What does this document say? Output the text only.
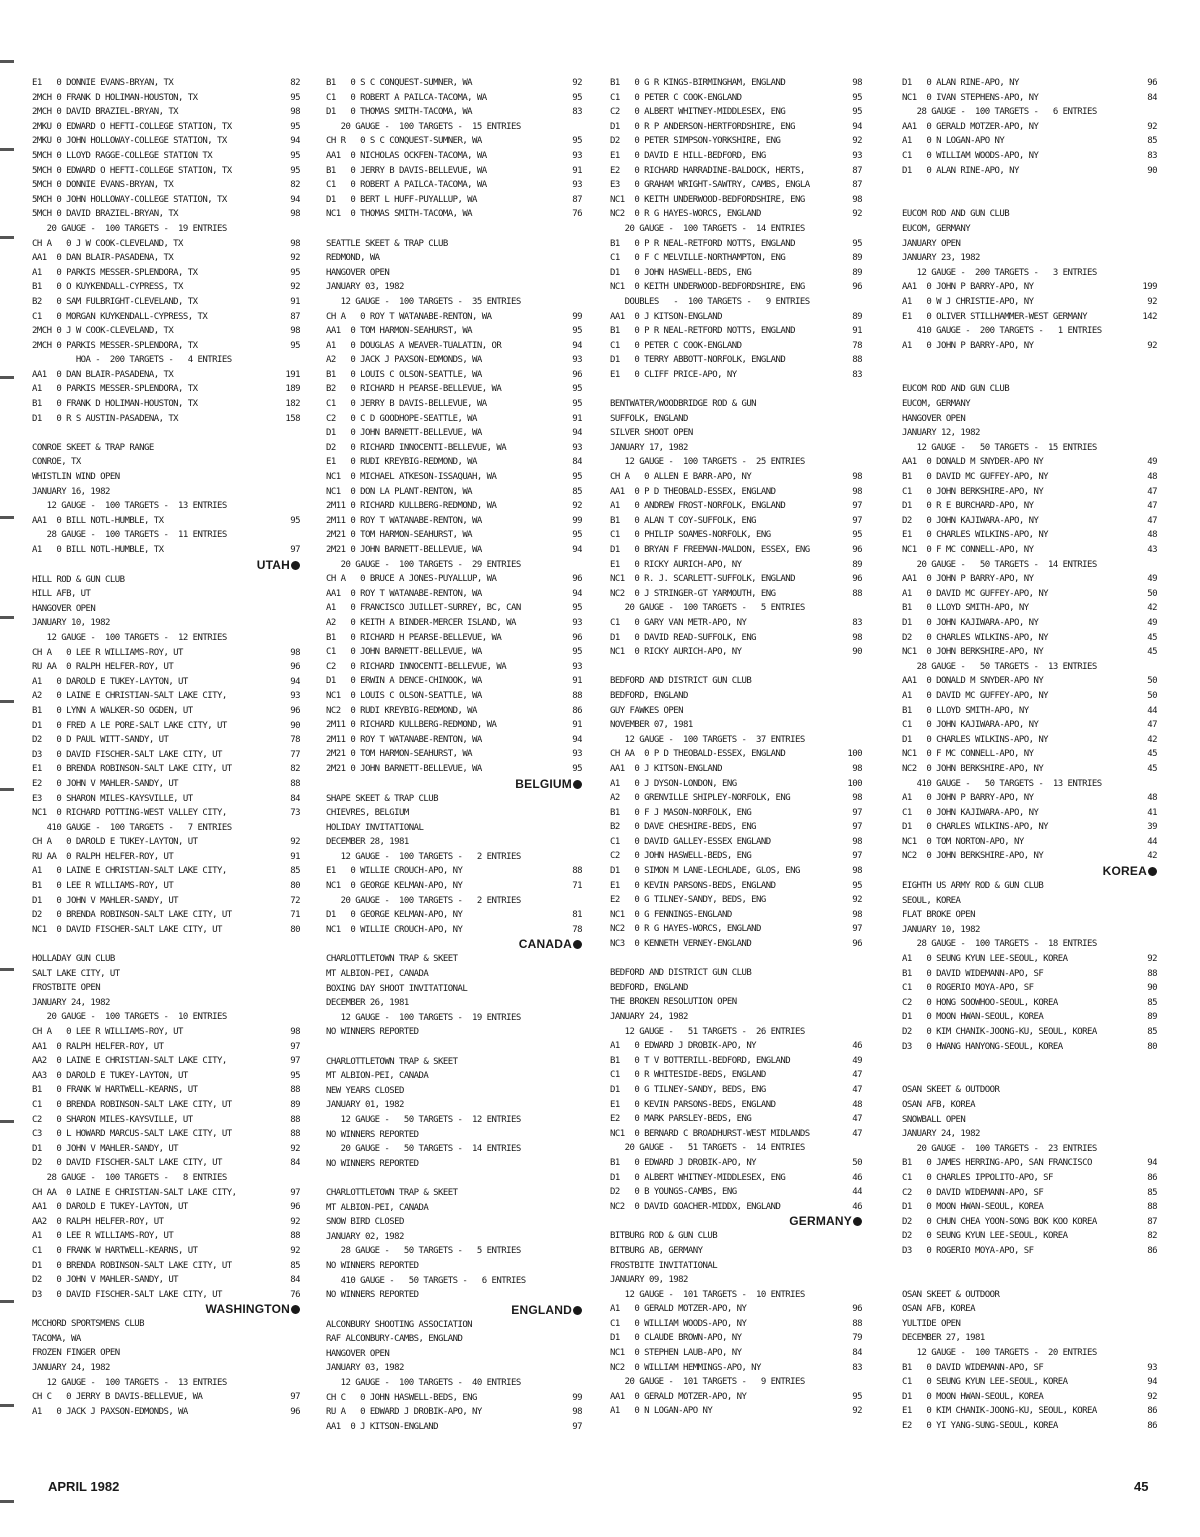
E1   0 DONNIE EVANS-BRYAN, TX	82
2MCH 0 FRANK D HOLIMAN-HOUSTON, TX	95
2MCH 0 DAVID BRAZIEL-BRYAN, TX	98
2MKU 0 EDWARD O HEFTI-COLLEGE STATION, TX	95
2MKU 0 JOHN HOLLOWAY-COLLEGE STATION, TX	94
5MCH 0 LLOYD RAGGE-COLLEGE STATION TX	95
5MCH 0 EDWARD O HEFTI-COLLEGE STATION, TX	95
5MCH 0 DONNIE EVANS-BRYAN, TX	82
5MCH 0 JOHN HOLLOWAY-COLLEGE STATION, TX	94
5MCH 0 DAVID BRAZIEL-BRYAN, TX	98
20 GAUGE -  100 TARGETS -  19 ENTRIES
CH A   0 J W COOK-CLEVELAND, TX	98
AA1  0 DAN BLAIR-PASADENA, TX	92
A1   0 PARKIS MESSER-SPLENDORA, TX	95
B1   0 O KUYKENDALL-CYPRESS, TX	92
B2   0 SAM FULBRIGHT-CLEVELAND, TX	91
C1   0 MORGAN KUYKENDALL-CYPRESS, TX	87
2MCH 0 J W COOK-CLEVELAND, TX	98
2MCH 0 PARKIS MESSER-SPLENDORA, TX	95
HOA -  200 TARGETS -   4 ENTRIES
AA1  0 DAN BLAIR-PASADENA, TX	191
A1   0 PARKIS MESSER-SPLENDORA, TX	189
B1   0 FRANK D HOLIMAN-HOUSTON, TX	182
D1   0 R S AUSTIN-PASADENA, TX	158
CONROE SKEET & TRAP RANGE
CONROE, TX
WHISTLIN WIND OPEN
JANUARY 16, 1982
12 GAUGE -  100 TARGETS -  13 ENTRIES
AA1  0 BILL NOTL-HUMBLE, TX	95
28 GAUGE -  100 TARGETS -  11 ENTRIES
A1   0 BILL NOTL-HUMBLE, TX	97
UTAH
HILL ROD & GUN CLUB
HILL AFB, UT
HANGOVER OPEN
JANUARY 10, 1982
12 GAUGE -  100 TARGETS -  12 ENTRIES
CH A   0 LEE R WILLIAMS-ROY, UT	98
RU AA  0 RALPH HELFER-ROY, UT	96
A1   0 DAROLD E TUKEY-LAYTON, UT	94
A2   0 LAINE E CHRISTIAN-SALT LAKE CITY,	93
B1   0 LYNN A WALKER-SO OGDEN, UT	96
D1   0 FRED A LE PORE-SALT LAKE CITY, UT	90
D2   0 D PAUL WITT-SANDY, UT	78
D3   0 DAVID FISCHER-SALT LAKE CITY, UT	77
E1   0 BRENDA ROBINSON-SALT LAKE CITY, UT	82
E2   0 JOHN V MAHLER-SANDY, UT	88
E3   0 SHARON MILES-KAYSVILLE, UT	84
NC1  0 RICHARD POTTING-WEST VALLEY CITY,	73
410 GAUGE -  100 TARGETS -   7 ENTRIES
CH A   0 DAROLD E TUKEY-LAYTON, UT	92
RU AA  0 RALPH HELFER-ROY, UT	91
A1   0 LAINE E CHRISTIAN-SALT LAKE CITY,	85
B1   0 LEE R WILLIAMS-ROY, UT	80
D1   0 JOHN V MAHLER-SANDY, UT	72
D2   0 BRENDA ROBINSON-SALT LAKE CITY, UT	71
NC1  0 DAVID FISCHER-SALT LAKE CITY, UT	80
HOLLADAY GUN CLUB
SALT LAKE CITY, UT
FROSTBITE OPEN
JANUARY 24, 1982
20 GAUGE -  100 TARGETS -  10 ENTRIES
CH A   0 LEE R WILLIAMS-ROY, UT	98
AA1  0 RALPH HELFER-ROY, UT	97
AA2  0 LAINE E CHRISTIAN-SALT LAKE CITY,	97
AA3  0 DAROLD E TUKEY-LAYTON, UT	95
B1   0 FRANK W HARTWELL-KEARNS, UT	88
C1   0 BRENDA ROBINSON-SALT LAKE CITY, UT	89
C2   0 SHARON MILES-KAYSVILLE, UT	88
C3   0 L HOWARD MARCUS-SALT LAKE CITY, UT	88
D1   0 JOHN V MAHLER-SANDY, UT	92
D2   0 DAVID FISCHER-SALT LAKE CITY, UT	84
28 GAUGE -  100 TARGETS -   8 ENTRIES
CH AA  0 LAINE E CHRISTIAN-SALT LAKE CITY,	97
AA1  0 DAROLD E TUKEY-LAYTON, UT	96
AA2  0 RALPH HELFER-ROY, UT	92
A1   0 LEE R WILLIAMS-ROY, UT	88
C1   0 FRANK W HARTWELL-KEARNS, UT	92
D1   0 BRENDA ROBINSON-SALT LAKE CITY, UT	85
D2   0 JOHN V MAHLER-SANDY, UT	84
D3   0 DAVID FISCHER-SALT LAKE CITY, UT	76
WASHINGTON
MCCHORD SPORTSMENS CLUB
TACOMA, WA
FROZEN FINGER OPEN
JANUARY 24, 1982
12 GAUGE -  100 TARGETS -  13 ENTRIES
CH C   0 JERRY B DAVIS-BELLEVUE, WA	97
A1   0 JACK J PAXSON-EDMONDS, WA	96
B1   0 S C CONQUEST-SUMNER, WA	92
C1   0 ROBERT A PAILCA-TACOMA, WA	95
D1   0 THOMAS SMITH-TACOMA, WA	83
20 GAUGE -  100 TARGETS -  15 ENTRIES
CH R   0 S C CONQUEST-SUMNER, WA	95
AA1  0 NICHOLAS OCKFEN-TACOMA, WA	93
B1   0 JERRY B DAVIS-BELLEVUE, WA	91
C1   0 ROBERT A PAILCA-TACOMA, WA	93
D1   0 BERT L HUFF-PUYALLUP, WA	87
NC1  0 THOMAS SMITH-TACOMA, WA	76
SEATTLE SKEET & TRAP CLUB
REDMOND, WA
HANGOVER OPEN
JANUARY 03, 1982
12 GAUGE -  100 TARGETS -  35 ENTRIES
CH A   0 ROY T WATANABE-RENTON, WA	99
AA1  0 TOM HARMON-SEAHURST, WA	95
A1   0 DOUGLAS A WEAVER-TUALATIN, OR	94
A2   0 JACK J PAXSON-EDMONDS, WA	93
B1   0 LOUIS C OLSON-SEATTLE, WA	96
B2   0 RICHARD H PEARSE-BELLEVUE, WA	95
C1   0 JERRY B DAVIS-BELLEVUE, WA	95
C2   0 C D GOODHOPE-SEATTLE, WA	91
D1   0 JOHN BARNETT-BELLEVUE, WA	94
D2   0 RICHARD INNOCENTI-BELLEVUE, WA	93
E1   0 RUDI KREYBIG-REDMOND, WA	84
NC1  0 MICHAEL ATKESON-ISSAQUAH, WA	95
NC1  0 DON LA PLANT-RENTON, WA	85
2M11 0 RICHARD KULLBERG-REDMOND, WA	92
2M11 0 ROY T WATANABE-RENTON, WA	99
2M21 0 TOM HARMON-SEAHURST, WA	95
2M21 0 JOHN BARNETT-BELLEVUE, WA	94
20 GAUGE -  100 TARGETS -  29 ENTRIES
CH A   0 BRUCE A JONES-PUYALLUP, WA	96
AA1  0 ROY T WATANABE-RENTON, WA	94
A1   0 FRANCISCO JUILLET-SURREY, BC, CAN	95
A2   0 KEITH A BINDER-MERCER ISLAND, WA	93
B1   0 RICHARD H PEARSE-BELLEVUE, WA	96
C1   0 JOHN BARNETT-BELLEVUE, WA	95
C2   0 RICHARD INNOCENTI-BELLEVUE, WA	93
D1   0 ERWIN A DENCE-CHINOOK, WA	91
NC1  0 LOUIS C OLSON-SEATTLE, WA	88
NC2  0 RUDI KREYBIG-REDMOND, WA	86
2M11 0 RICHARD KULLBERG-REDMOND, WA	91
2M11 0 ROY T WATANABE-RENTON, WA	94
2M21 0 TOM HARMON-SEAHURST, WA	93
2M21 0 JOHN BARNETT-BELLEVUE, WA	95
BELGIUM
SHAPE SKEET & TRAP CLUB
CHIEVRES, BELGIUM
HOLIDAY INVITATIONAL
DECEMBER 28, 1981
12 GAUGE -  100 TARGETS -   2 ENTRIES
E1   0 WILLIE CROUCH-APO, NY	88
NC1  0 GEORGE KELMAN-APO, NY	71
20 GAUGE -  100 TARGETS -   2 ENTRIES
D1   0 GEORGE KELMAN-APO, NY	81
NC1  0 WILLIE CROUCH-APO, NY	78
CANADA
CHARLOTTLETOWN TRAP & SKEET
MT ALBION-PEI, CANADA
BOXING DAY SHOOT INVITATIONAL
DECEMBER 26, 1981
12 GAUGE -  100 TARGETS -  19 ENTRIES
NO WINNERS REPORTED
CHARLOTTLETOWN TRAP & SKEET
MT ALBION-PEI, CANADA
NEW YEARS CLOSED
JANUARY 01, 1982
12 GAUGE -   50 TARGETS -  12 ENTRIES
NO WINNERS REPORTED
20 GAUGE -   50 TARGETS -  14 ENTRIES
NO WINNERS REPORTED
CHARLOTTLETOWN TRAP & SKEET
MT ALBION-PEI, CANADA
SNOW BIRD CLOSED
JANUARY 02, 1982
28 GAUGE -   50 TARGETS -   5 ENTRIES
NO WINNERS REPORTED
410 GAUGE -   50 TARGETS -   6 ENTRIES
NO WINNERS REPORTED
ENGLAND
ALCONBURY SHOOTING ASSOCIATION
RAF ALCONBURY-CAMBS, ENGLAND
HANGOVER OPEN
JANUARY 03, 1982
12 GAUGE -  100 TARGETS -  40 ENTRIES
CH C   0 JOHN HASWELL-BEDS, ENG	99
RU A   0 EDWARD J DROBIK-APO, NY	98
AA1  0 J KITSON-ENGLAND	97
B1   0 G R KINGS-BIRMINGHAM, ENGLAND	98
C1   0 PETER C COOK-ENGLAND	95
C2   0 ALBERT WHITNEY-MIDDLESEX, ENG	95
D1   0 R P ANDERSON-HERTFORDSHIRE, ENG	94
D2   0 PETER SIMPSON-YORKSHIRE, ENG	92
E1   0 DAVID E HILL-BEDFORD, ENG	93
E2   0 RICHARD HARRADINE-BALDOCK, HERTS,	87
E3   0 GRAHAM WRIGHT-SAWTRY, CAMBS, ENGLA	87
NC1  0 KEITH UNDERWOOD-BEDFORDSHIRE, ENG	98
NC2  0 R G HAYES-WORCS, ENGLAND	92
20 GAUGE -  100 TARGETS -  14 ENTRIES
B1   0 P R NEAL-RETFORD NOTTS, ENGLAND	95
C1   0 F C MELVILLE-NORTHAMPTON, ENG	89
D1   0 JOHN HASWELL-BEDS, ENG	89
NC1  0 KEITH UNDERWOOD-BEDFORDSHIRE, ENG	96
DOUBLES   -  100 TARGETS -   9 ENTRIES
AA1  0 J KITSON-ENGLAND	89
B1   0 P R NEAL-RETFORD NOTTS, ENGLAND	91
C1   0 PETER C COOK-ENGLAND	78
D1   0 TERRY ABBOTT-NORFOLK, ENGLAND	88
E1   0 CLIFF PRICE-APO, NY	83
BENTWATER/WOODBRIDGE ROD & GUN
SUFFOLK, ENGLAND
SILVER SHOOT OPEN
JANUARY 17, 1982
12 GAUGE -  100 TARGETS -  25 ENTRIES
CH A   0 ALLEN E BARR-APO, NY	98
AA1  0 P D THEOBALD-ESSEX, ENGLAND	98
A1   0 ANDREW FROST-NORFOLK, ENGLAND	97
B1   0 ALAN T COY-SUFFOLK, ENG	97
C1   0 PHILIP SOAMES-NORFOLK, ENG	95
D1   0 BRYAN F FREEMAN-MALDON, ESSEX, ENG	96
E1   0 RICKY AURICH-APO, NY	89
NC1  0 R. J. SCARLETT-SUFFOLK, ENGLAND	96
NC2  0 J STRINGER-GT YARMOUTH, ENG	88
20 GAUGE -  100 TARGETS -   5 ENTRIES
C1   0 GARY VAN METR-APO, NY	83
D1   0 DAVID READ-SUFFOLK, ENG	98
NC1  0 RICKY AURICH-APO, NY	90
BEDFORD AND DISTRICT GUN CLUB
BEDFORD, ENGLAND
GUY FAWKES OPEN
NOVEMBER 07, 1981
12 GAUGE -  100 TARGETS -  37 ENTRIES
CH AA  0 P D THEOBALD-ESSEX, ENGLAND	100
AA1  0 J KITSON-ENGLAND	98
A1   0 J DYSON-LONDON, ENG	100
A2   0 GRENVILLE SHIPLEY-NORFOLK, ENG	98
B1   0 F J MASON-NORFOLK, ENG	97
B2   0 DAVE CHESHIRE-BEDS, ENG	97
C1   0 DAVID GALLEY-ESSEX ENGLAND	98
C2   0 JOHN HASWELL-BEDS, ENG	97
D1   0 SIMON M LANE-LECHLADE, GLOS, ENG	98
E1   0 KEVIN PARSONS-BEDS, ENGLAND	95
E2   0 G TILNEY-SANDY, BEDS, ENG	92
NC1  0 G FENNINGS-ENGLAND	98
NC2  0 R G HAYES-WORCS, ENGLAND	97
NC3  0 KENNETH VERNEY-ENGLAND	96
BEDFORD AND DISTRICT GUN CLUB
BEDFORD, ENGLAND
THE BROKEN RESOLUTION OPEN
JANUARY 24, 1982
12 GAUGE -   51 TARGETS -  26 ENTRIES
A1   0 EDWARD J DROBIK-APO, NY	46
B1   0 T V BOTTERILL-BEDFORD, ENGLAND	49
C1   0 R WHITESIDE-BEDS, ENGLAND	47
D1   0 G TILNEY-SANDY, BEDS, ENG	47
E1   0 KEVIN PARSONS-BEDS, ENGLAND	48
E2   0 MARK PARSLEY-BEDS, ENG	47
NC1  0 BERNARD C BROADHURST-WEST MIDLANDS	47
20 GAUGE -   51 TARGETS -  14 ENTRIES
B1   0 EDWARD J DROBIK-APO, NY	50
D1   0 ALBERT WHITNEY-MIDDLESEX, ENG	46
D2   0 B YOUNGS-CAMBS, ENG	44
NC2  0 DAVID GOACHER-MIDDX, ENGLAND	46
GERMANY
BITBURG ROD & GUN CLUB
BITBURG AB, GERMANY
FROSTBITE INVITATIONAL
JANUARY 09, 1982
12 GAUGE -  101 TARGETS -  10 ENTRIES
A1   0 GERALD MOTZER-APO, NY	96
C1   0 WILLIAM WOODS-APO, NY	88
D1   0 CLAUDE BROWN-APO, NY	79
NC1  0 STEPHEN LAUB-APO, NY	84
NC2  0 WILLIAM HEMMINGS-APO, NY	83
20 GAUGE -  101 TARGETS -   9 ENTRIES
AA1  0 GERALD MOTZER-APO, NY	95
A1   0 N LOGAN-APO NY	92
D1   0 ALAN RINE-APO, NY	96
NC1  0 IVAN STEPHENS-APO, NY	84
28 GAUGE -  100 TARGETS -   6 ENTRIES
AA1  0 GERALD MOTZER-APO, NY	92
A1   0 N LOGAN-APO NY	85
C1   0 WILLIAM WOODS-APO, NY	83
D1   0 ALAN RINE-APO, NY	90
EUCOM ROD AND GUN CLUB
EUCOM, GERMANY
JANUARY OPEN
JANUARY 23, 1982
12 GAUGE -  200 TARGETS -   3 ENTRIES
AA1  0 JOHN P BARRY-APO, NY	199
A1   0 W J CHRISTIE-APO, NY	92
E1   0 OLIVER STILLHAMMER-WEST GERMANY	142
410 GAUGE -  200 TARGETS -   1 ENTRIES
A1   0 JOHN P BARRY-APO, NY	92
EUCOM ROD AND GUN CLUB
EUCOM, GERMANY
HANGOVER OPEN
JANUARY 12, 1982
12 GAUGE -   50 TARGETS -  15 ENTRIES
AA1  0 DONALD M SNYDER-APO NY	49
B1   0 DAVID MC GUFFEY-APO, NY	48
C1   0 JOHN BERKSHIRE-APO, NY	47
D1   0 R E BURCHARD-APO, NY	47
D2   0 JOHN KAJIWARA-APO, NY	47
E1   0 CHARLES WILKINS-APO, NY	48
NC1  0 F MC CONNELL-APO, NY	43
20 GAUGE -   50 TARGETS -  14 ENTRIES
AA1  0 JOHN P BARRY-APO, NY	49
A1   0 DAVID MC GUFFEY-APO, NY	50
B1   0 LLOYD SMITH-APO, NY	42
D1   0 JOHN KAJIWARA-APO, NY	49
D2   0 CHARLES WILKINS-APO, NY	45
NC1  0 JOHN BERKSHIRE-APO, NY	45
28 GAUGE -   50 TARGETS -  13 ENTRIES
AA1  0 DONALD M SNYDER-APO NY	50
A1   0 DAVID MC GUFFEY-APO, NY	50
B1   0 LLOYD SMITH-APO, NY	44
C1   0 JOHN KAJIWARA-APO, NY	47
D1   0 CHARLES WILKINS-APO, NY	42
NC1  0 F MC CONNELL-APO, NY	45
NC2  0 JOHN BERKSHIRE-APO, NY	45
410 GAUGE -   50 TARGETS -  13 ENTRIES
A1   0 JOHN P BARRY-APO, NY	48
C1   0 JOHN KAJIWARA-APO, NY	41
D1   0 CHARLES WILKINS-APO, NY	39
NC1  0 TOM NORTON-APO, NY	44
NC2  0 JOHN BERKSHIRE-APO, NY	42
KOREA
EIGHTH US ARMY ROD & GUN CLUB
SEOUL, KOREA
FLAT BROKE OPEN
JANUARY 10, 1982
28 GAUGE -  100 TARGETS -  18 ENTRIES
A1   0 SEUNG KYUN LEE-SEOUL, KOREA	92
B1   0 DAVID WIDEMANN-APO, SF	88
C1   0 ROGERIO MOYA-APO, SF	90
C2   0 HONG SOOWHOO-SEOUL, KOREA	85
D1   0 MOON HWAN-SEOUL, KOREA	89
D2   0 KIM CHANIK-JOONG-KU, SEOUL, KOREA	85
D3   0 HWANG HANYONG-SEOUL, KOREA	80
OSAN SKEET & OUTDOOR
OSAN AFB, KOREA
SNOWBALL OPEN
JANUARY 24, 1982
20 GAUGE -  100 TARGETS -  23 ENTRIES
B1   0 JAMES HERRING-APO, SAN FRANCISCO	94
C1   0 CHARLES IPPOLITO-APO, SF	86
C2   0 DAVID WIDEMANN-APO, SF	85
D1   0 MOON HWAN-SEOUL, KOREA	88
D2   0 CHUN CHEA YOON-SONG BOK KOO KOREA	87
D2   0 SEUNG KYUN LEE-SEOUL, KOREA	82
D3   0 ROGERIO MOYA-APO, SF	86
OSAN SKEET & OUTDOOR
OSAN AFB, KOREA
YULTIDE OPEN
DECEMBER 27, 1981
12 GAUGE -  100 TARGETS -  20 ENTRIES
B1   0 DAVID WIDEMANN-APO, SF	93
C1   0 SEUNG KYUN LEE-SEOUL, KOREA	94
D1   0 MOON HWAN-SEOUL, KOREA	92
E1   0 KIM CHANIK-JOONG-KU, SEOUL, KOREA	86
E2   0 YI YANG-SUNG-SEOUL, KOREA	86
APRIL 1982	45
